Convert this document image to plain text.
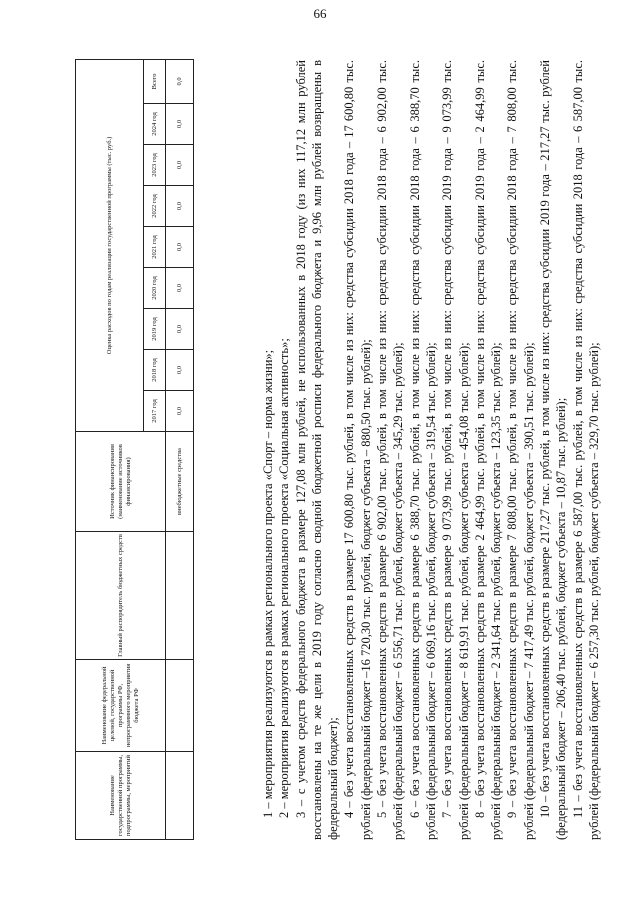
66
Наименование государственной программы, подпрограммы, мероприятий	Наименование федеральной целевой, государственной программы РФ, непрограммного мероприятия бюджета РФ	Главный распорядитель бюджетных средств	Источник финансирования (наименование источников финансирования)	Оценка расходов по годам реализации государственной программы (тыс. руб.)								
				2017 год	2018 год	2019 год	2020 год	2021 год	2022 год	2023 год	2024 год	Всего
			внебюджетные средства	0,0	0,0	0,0	0,0	0,0	0,0	0,0	0,0	0,0

1 – мероприятия реализуются в рамках регионального проекта «Спорт – норма жизни»; 2 – мероприятия реализуются в рамках регионального проекта «Социальная активность»; 3 – с учетом средств федерального бюджета в размере 127,08 млн рублей, не использованных в 2018 году (из них 117,12 млн рублей восстановлены на те же цели в 2019 году согласно сводной бюджетной росписи федерального бюджета и 9,96 млн рублей возвращены в федеральный бюджет); 4 – без учета восстановленных средств в размере 17 600,80 тыс. рублей, в том числе из них: средства субсидии 2018 года – 17 600,80 тыс. рублей (федеральный бюджет –16 720,30 тыс. рублей, бюджет субъекта – 880,50 тыс. рублей); 5 – без учета восстановленных средств в размере 6 902,00 тыс. рублей, в том числе из них: средства субсидии 2018 года – 6 902,00 тыс. рублей (федеральный бюджет – 6 556,71 тыс. рублей, бюджет субъекта – 345,29 тыс. рублей); 6 – без учета восстановленных средств в размере 6 388,70 тыс. рублей, в том числе из них: средства субсидии 2018 года – 6 388,70 тыс. рублей (федеральный бюджет – 6 069,16 тыс. рублей, бюджет субъекта – 319,54 тыс. рублей); 7 – без учета восстановленных средств в размере 9 073,99 тыс. рублей, в том числе из них: средства субсидии 2019 года – 9 073,99 тыс. рублей (федеральный бюджет – 8 619,91 тыс. рублей, бюджет субъекта – 454,08 тыс. рублей); 8 – без учета восстановленных средств в размере 2 464,99 тыс. рублей, в том числе из них: средства субсидии 2019 года – 2 464,99 тыс. рублей (федеральный бюджет – 2 341,64 тыс. рублей, бюджет субъекта – 123,35 тыс. рублей); 9 – без учета восстановленных средств в размере 7 808,00 тыс. рублей, в том числе из них: средства субсидии 2018 года – 7 808,00 тыс. рублей (федеральный бюджет – 7 417,49 тыс. рублей, бюджет субъекта – 390,51 тыс. рублей); 10 – без учета восстановленных средств в размере 217,27 тыс. рублей, в том числе из них: средства субсидии 2019 года – 217,27 тыс. рублей (федеральный бюджет – 206,40 тыс. рублей, бюджет субъекта – 10,87 тыс. рублей); 11 – без учета восстановленных средств в размере 6 587,00 тыс. рублей, в том числе из них: средства субсидии 2018 года – 6 587,00 тыс. рублей (федеральный бюджет – 6 257,30 тыс. рублей, бюджет субъекта – 329,70 тыс. рублей);
